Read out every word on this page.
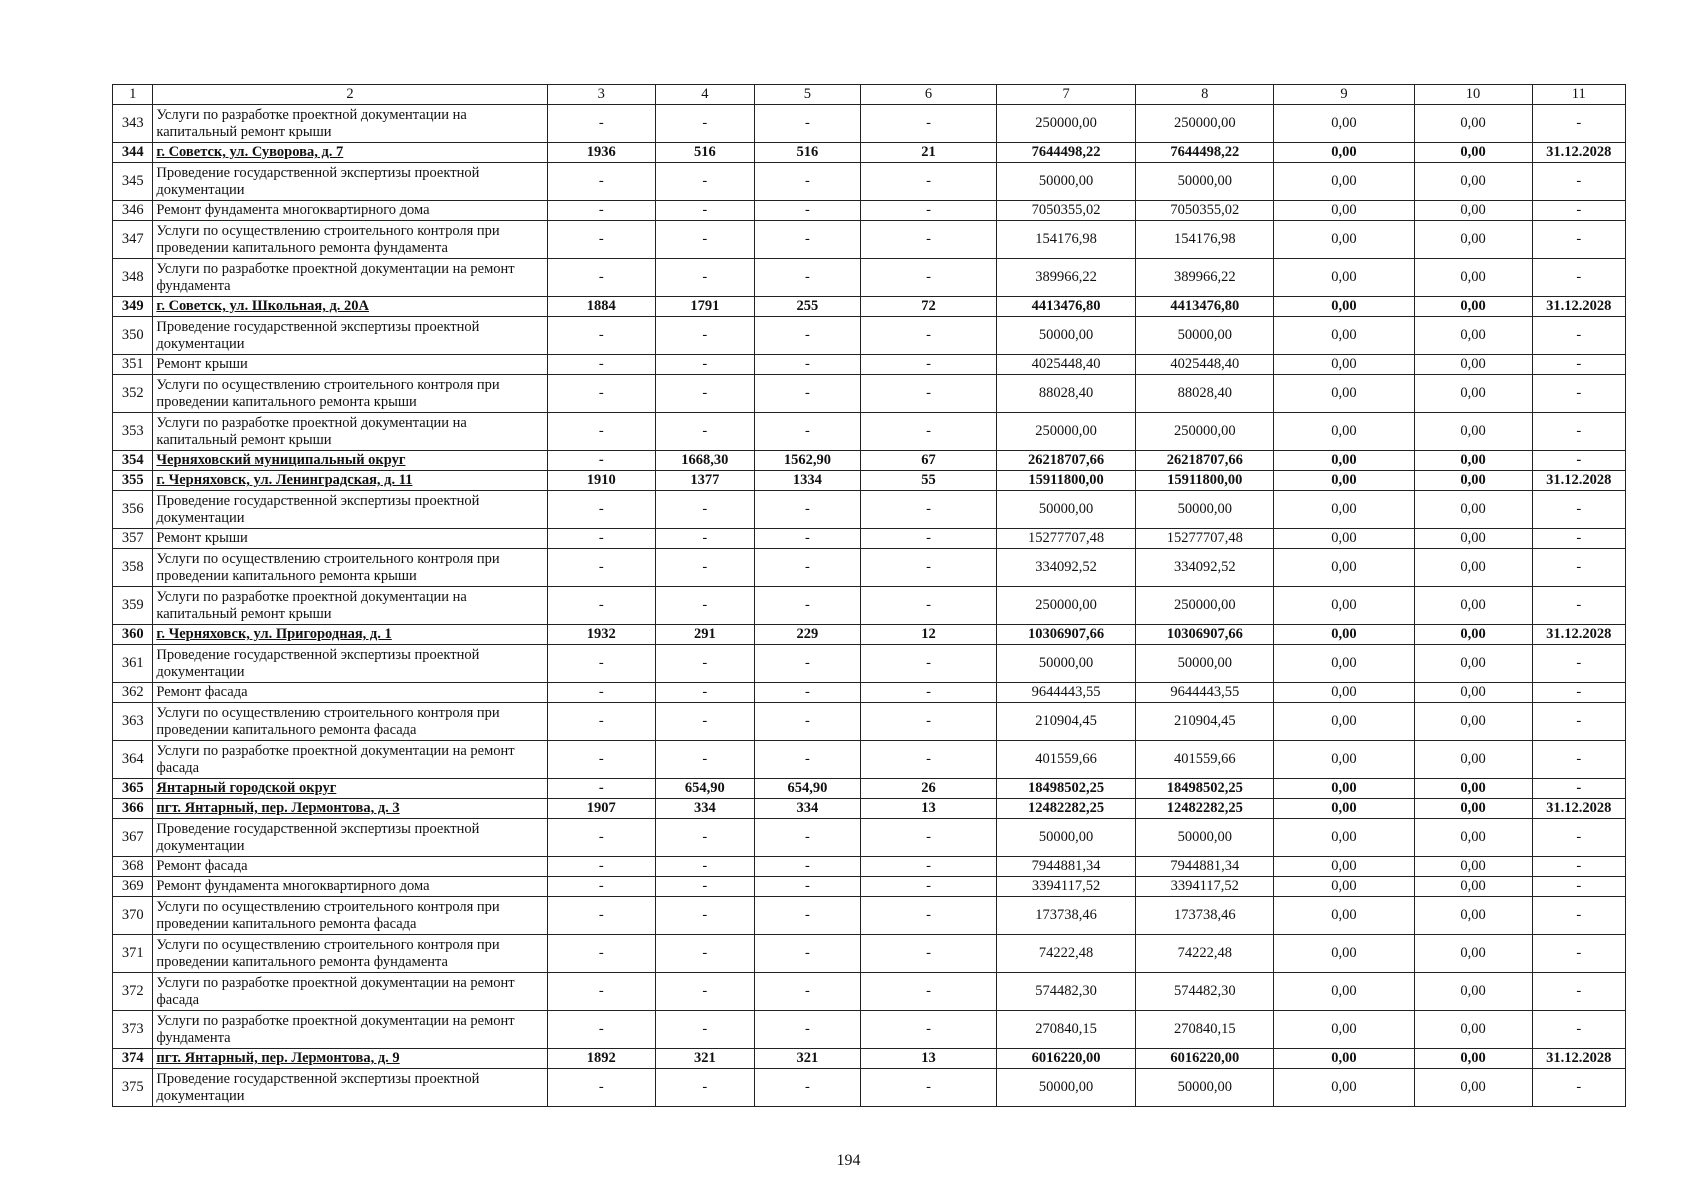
1	2	3	4	5	6	7	8	9	10	11
343	Услуги по разработке проектной документации на капитальный ремонт крыши	-	-	-	-	250000,00	250000,00	0,00	0,00	-
344	г. Советск, ул. Суворова, д. 7	1936	516	516	21	7644498,22	7644498,22	0,00	0,00	31.12.2028
345	Проведение государственной экспертизы проектной документации	-	-	-	-	50000,00	50000,00	0,00	0,00	-
346	Ремонт фундамента многоквартирного дома	-	-	-	-	7050355,02	7050355,02	0,00	0,00	-
347	Услуги по осуществлению строительного контроля при проведении капитального ремонта фундамента	-	-	-	-	154176,98	154176,98	0,00	0,00	-
348	Услуги по разработке проектной документации на ремонт фундамента	-	-	-	-	389966,22	389966,22	0,00	0,00	-
349	г. Советск, ул. Школьная, д. 20А	1884	1791	255	72	4413476,80	4413476,80	0,00	0,00	31.12.2028
350	Проведение государственной экспертизы проектной документации	-	-	-	-	50000,00	50000,00	0,00	0,00	-
351	Ремонт крыши	-	-	-	-	4025448,40	4025448,40	0,00	0,00	-
352	Услуги по осуществлению строительного контроля при проведении капитального ремонта крыши	-	-	-	-	88028,40	88028,40	0,00	0,00	-
353	Услуги по разработке проектной документации на капитальный ремонт крыши	-	-	-	-	250000,00	250000,00	0,00	0,00	-
354	Черняховский муниципальный округ	-	1668,30	1562,90	67	26218707,66	26218707,66	0,00	0,00	-
355	г. Черняховск, ул. Ленинградская, д. 11	1910	1377	1334	55	15911800,00	15911800,00	0,00	0,00	31.12.2028
356	Проведение государственной экспертизы проектной документации	-	-	-	-	50000,00	50000,00	0,00	0,00	-
357	Ремонт крыши	-	-	-	-	15277707,48	15277707,48	0,00	0,00	-
358	Услуги по осуществлению строительного контроля при проведении капитального ремонта крыши	-	-	-	-	334092,52	334092,52	0,00	0,00	-
359	Услуги по разработке проектной документации на капитальный ремонт крыши	-	-	-	-	250000,00	250000,00	0,00	0,00	-
360	г. Черняховск, ул. Пригородная, д. 1	1932	291	229	12	10306907,66	10306907,66	0,00	0,00	31.12.2028
361	Проведение государственной экспертизы проектной документации	-	-	-	-	50000,00	50000,00	0,00	0,00	-
362	Ремонт фасада	-	-	-	-	9644443,55	9644443,55	0,00	0,00	-
363	Услуги по осуществлению строительного контроля при проведении капитального ремонта фасада	-	-	-	-	210904,45	210904,45	0,00	0,00	-
364	Услуги по разработке проектной документации на ремонт фасада	-	-	-	-	401559,66	401559,66	0,00	0,00	-
365	Янтарный городской округ	-	654,90	654,90	26	18498502,25	18498502,25	0,00	0,00	-
366	пгт. Янтарный, пер. Лермонтова, д. 3	1907	334	334	13	12482282,25	12482282,25	0,00	0,00	31.12.2028
367	Проведение государственной экспертизы проектной документации	-	-	-	-	50000,00	50000,00	0,00	0,00	-
368	Ремонт фасада	-	-	-	-	7944881,34	7944881,34	0,00	0,00	-
369	Ремонт фундамента многоквартирного дома	-	-	-	-	3394117,52	3394117,52	0,00	0,00	-
370	Услуги по осуществлению строительного контроля при проведении капитального ремонта фасада	-	-	-	-	173738,46	173738,46	0,00	0,00	-
371	Услуги по осуществлению строительного контроля при проведении капитального ремонта фундамента	-	-	-	-	74222,48	74222,48	0,00	0,00	-
372	Услуги по разработке проектной документации на ремонт фасада	-	-	-	-	574482,30	574482,30	0,00	0,00	-
373	Услуги по разработке проектной документации на ремонт фундамента	-	-	-	-	270840,15	270840,15	0,00	0,00	-
374	пгт. Янтарный, пер. Лермонтова, д. 9	1892	321	321	13	6016220,00	6016220,00	0,00	0,00	31.12.2028
375	Проведение государственной экспертизы проектной документации	-	-	-	-	50000,00	50000,00	0,00	0,00	-
194
